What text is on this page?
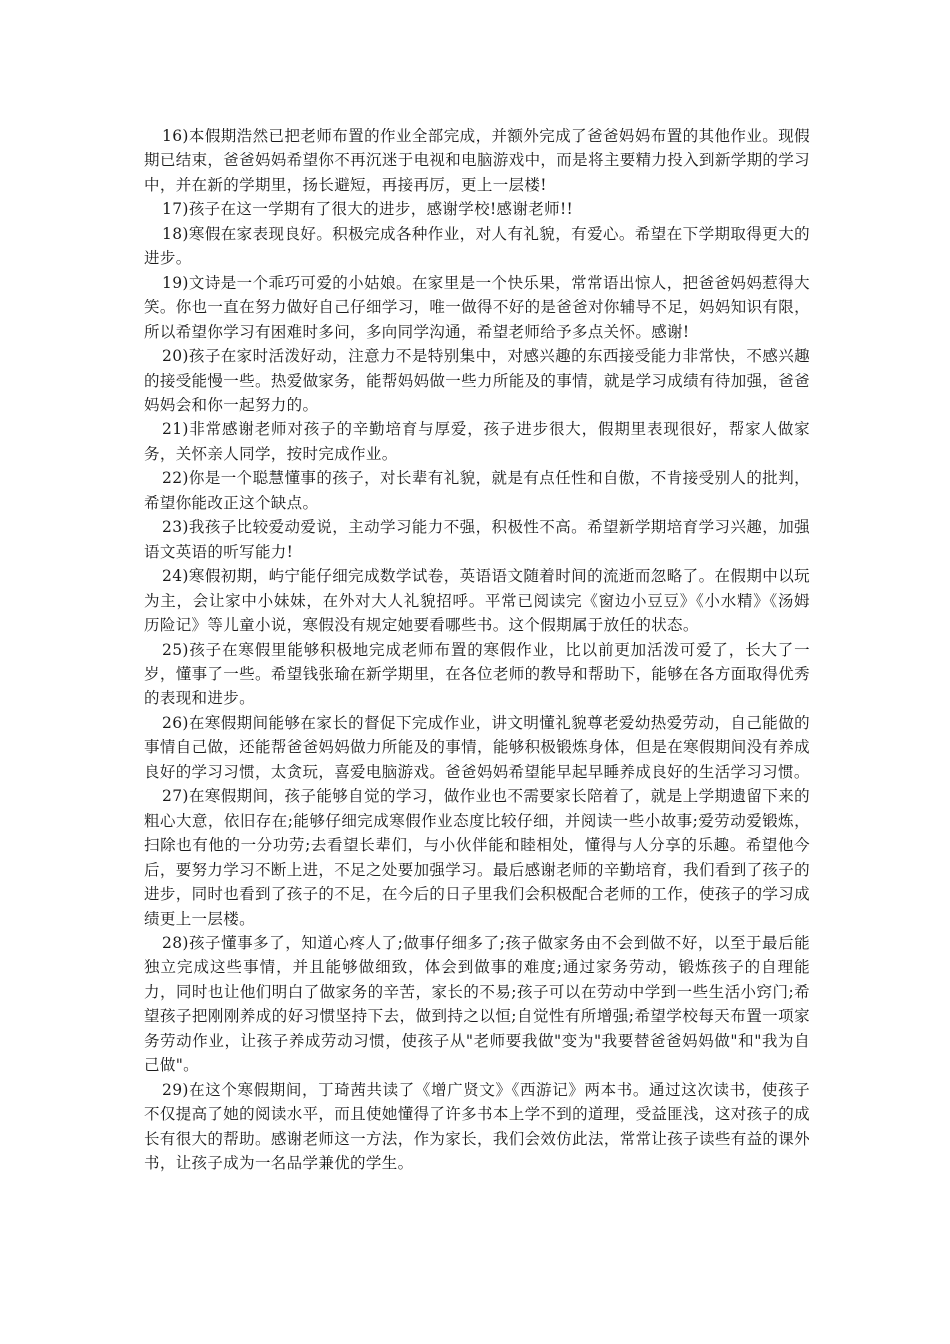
16)本假期浩然已把老师布置的作业全部完成，并额外完成了爸爸妈妈布置的其他作业。现假期已结束，爸爸妈妈希望你不再沉迷于电视和电脑游戏中，而是将主要精力投入到新学期的学习中，并在新的学期里，扬长避短，再接再厉，更上一层楼!

17)孩子在这一学期有了很大的进步，感谢学校!感谢老师!!

18)寒假在家表现良好。积极完成各种作业，对人有礼貌，有爱心。希望在下学期取得更大的进步。

19)文诗是一个乖巧可爱的小姑娘。在家里是一个快乐果，常常语出惊人，把爸爸妈妈惹得大笑。你也一直在努力做好自己仔细学习，唯一做得不好的是爸爸对你辅导不足，妈妈知识有限，所以希望你学习有困难时多问，多向同学沟通，希望老师给予多点关怀。感谢!

20)孩子在家时活泼好动，注意力不是特别集中，对感兴趣的东西接受能力非常快，不感兴趣的接受能慢一些。热爱做家务，能帮妈妈做一些力所能及的事情，就是学习成绩有待加强，爸爸妈妈会和你一起努力的。

21)非常感谢老师对孩子的辛勤培育与厚爱，孩子进步很大，假期里表现很好，帮家人做家务，关怀亲人同学，按时完成作业。

22)你是一个聪慧懂事的孩子，对长辈有礼貌，就是有点任性和自傲，不肯接受别人的批判，希望你能改正这个缺点。

23)我孩子比较爱动爱说，主动学习能力不强，积极性不高。希望新学期培育学习兴趣，加强语文英语的听写能力!

24)寒假初期，屿宁能仔细完成数学试卷，英语语文随着时间的流逝而忽略了。在假期中以玩为主，会让家中小妹妹，在外对大人礼貌招呼。平常已阅读完《窗边小豆豆》《小水精》《汤姆历险记》等儿童小说，寒假没有规定她要看哪些书。这个假期属于放任的状态。

25)孩子在寒假里能够积极地完成老师布置的寒假作业，比以前更加活泼可爱了，长大了一岁，懂事了一些。希望钱张瑜在新学期里，在各位老师的教导和帮助下，能够在各方面取得优秀的表现和进步。

26)在寒假期间能够在家长的督促下完成作业，讲文明懂礼貌尊老爱幼热爱劳动，自己能做的事情自己做，还能帮爸爸妈妈做力所能及的事情，能够积极锻炼身体，但是在寒假期间没有养成良好的学习习惯，太贪玩，喜爱电脑游戏。爸爸妈妈希望能早起早睡养成良好的生活学习习惯。

27)在寒假期间，孩子能够自觉的学习，做作业也不需要家长陪着了，就是上学期遗留下来的粗心大意，依旧存在;能够仔细完成寒假作业态度比较仔细，并阅读一些小故事;爱劳动爱锻炼，扫除也有他的一分功劳;去看望长辈们，与小伙伴能和睦相处，懂得与人分享的乐趣。希望他今后，要努力学习不断上进，不足之处要加强学习。最后感谢老师的辛勤培育，我们看到了孩子的进步，同时也看到了孩子的不足，在今后的日子里我们会积极配合老师的工作，使孩子的学习成绩更上一层楼。

28)孩子懂事多了，知道心疼人了;做事仔细多了;孩子做家务由不会到做不好，以至于最后能独立完成这些事情，并且能够做细致，体会到做事的难度;通过家务劳动，锻炼孩子的自理能力，同时也让他们明白了做家务的辛苦，家长的不易;孩子可以在劳动中学到一些生活小窍门;希望孩子把刚刚养成的好习惯坚持下去，做到持之以恒;自觉性有所增强;希望学校每天布置一项家务劳动作业，让孩子养成劳动习惯，使孩子从"老师要我做"变为"我要替爸爸妈妈做"和"我为自己做"。

29)在这个寒假期间，丁琦茜共读了《增广贤文》《西游记》两本书。通过这次读书，使孩子不仅提高了她的阅读水平，而且使她懂得了许多书本上学不到的道理，受益匪浅，这对孩子的成长有很大的帮助。感谢老师这一方法，作为家长，我们会效仿此法，常常让孩子读些有益的课外书，让孩子成为一名品学兼优的学生。
